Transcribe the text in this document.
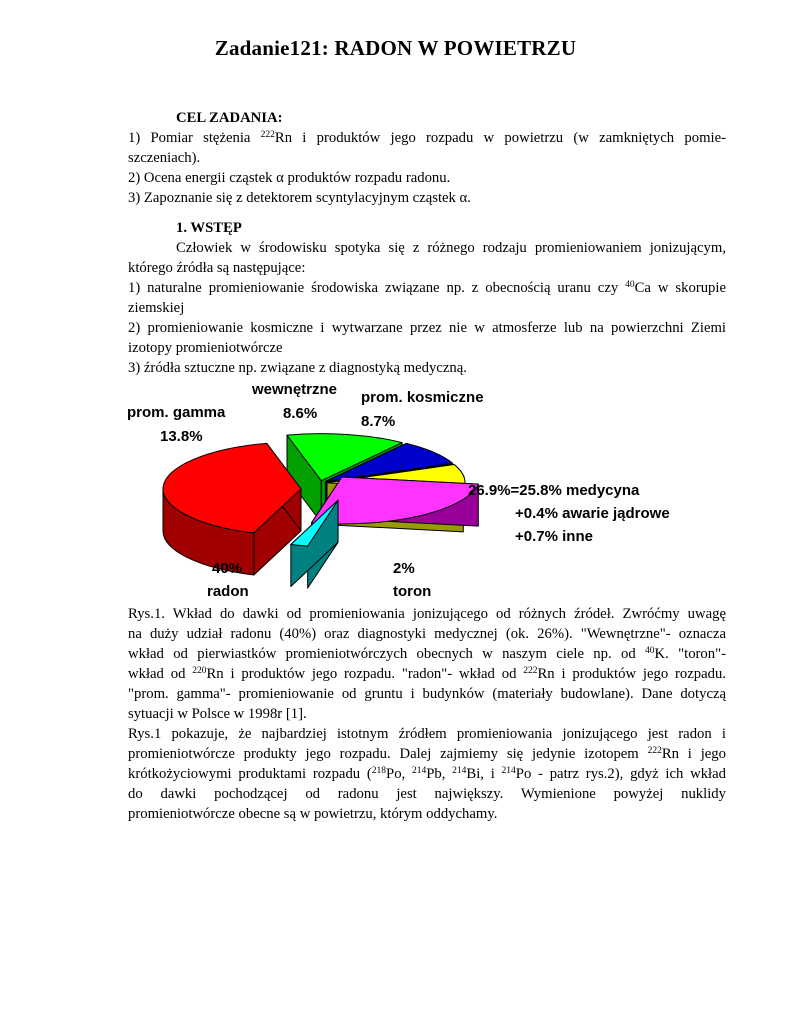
Zadanie121: RADON W POWIETRZU

CEL ZADANIA:

1) Pomiar stężenia $^{222}$Rn i produktów jego rozpadu w powietrzu (w zamkniętych pomie-

szczeniach).

2) Ocena energii cząstek α produktów rozpadu radonu.

3) Zapoznanie się z detektorem scyntylacyjnym cząstek α.

1. WSTĘP

Człowiek w środowisku spotyka się z różnego rodzaju promieniowaniem jonizującym,

którego źródła są następujące:

1) naturalne promieniowanie środowiska związane np. z obecnością uranu czy $^{40}$Ca w skorupie

ziemskiej

2) promieniowanie kosmiczne i wytwarzane przez nie w atmosferze lub na powierzchni Ziemi

izotopy promieniotwórcze

3) źródła sztuczne np. związane z diagnostyką medyczną.

wewnętrzne
8.6%
prom. kosmiczne
8.7%
prom. gamma
13.8%
26.9%=25.8% medycyna
+0.4% awarie jądrowe
+0.7% inne
40%
radon
2%
toron

Rys.1. Wkład do dawki od promieniowania jonizującego od różnych źródeł. Zwróćmy uwagę

na duży udział radonu (40%) oraz diagnostyki medycznej (ok. 26%). "Wewnętrzne"- oznacza

wkład od pierwiastków promieniotwórczych obecnych w naszym ciele np. od $^{40}$K. "toron"-

wkład od $^{220}$Rn i produktów jego rozpadu. "radon"- wkład od $^{222}$Rn i produktów jego rozpadu.

"prom. gamma"- promieniowanie od gruntu i budynków (materiały budowlane). Dane dotyczą

sytuacji w Polsce w 1998r [1].

Rys.1 pokazuje, że najbardziej istotnym źródłem promieniowania jonizującego jest radon i

promieniotwórcze produkty jego rozpadu. Dalej zajmiemy się jedynie izotopem $^{222}$Rn i jego

krótkożyciowymi produktami rozpadu ($^{218}$Po, $^{214}$Pb, $^{214}$Bi, i $^{214}$Po - patrz rys.2), gdyż ich wkład

do dawki pochodzącej od radonu jest największy. Wymienione powyżej nuklidy

promieniotwórcze obecne są w powietrzu, którym oddychamy.
